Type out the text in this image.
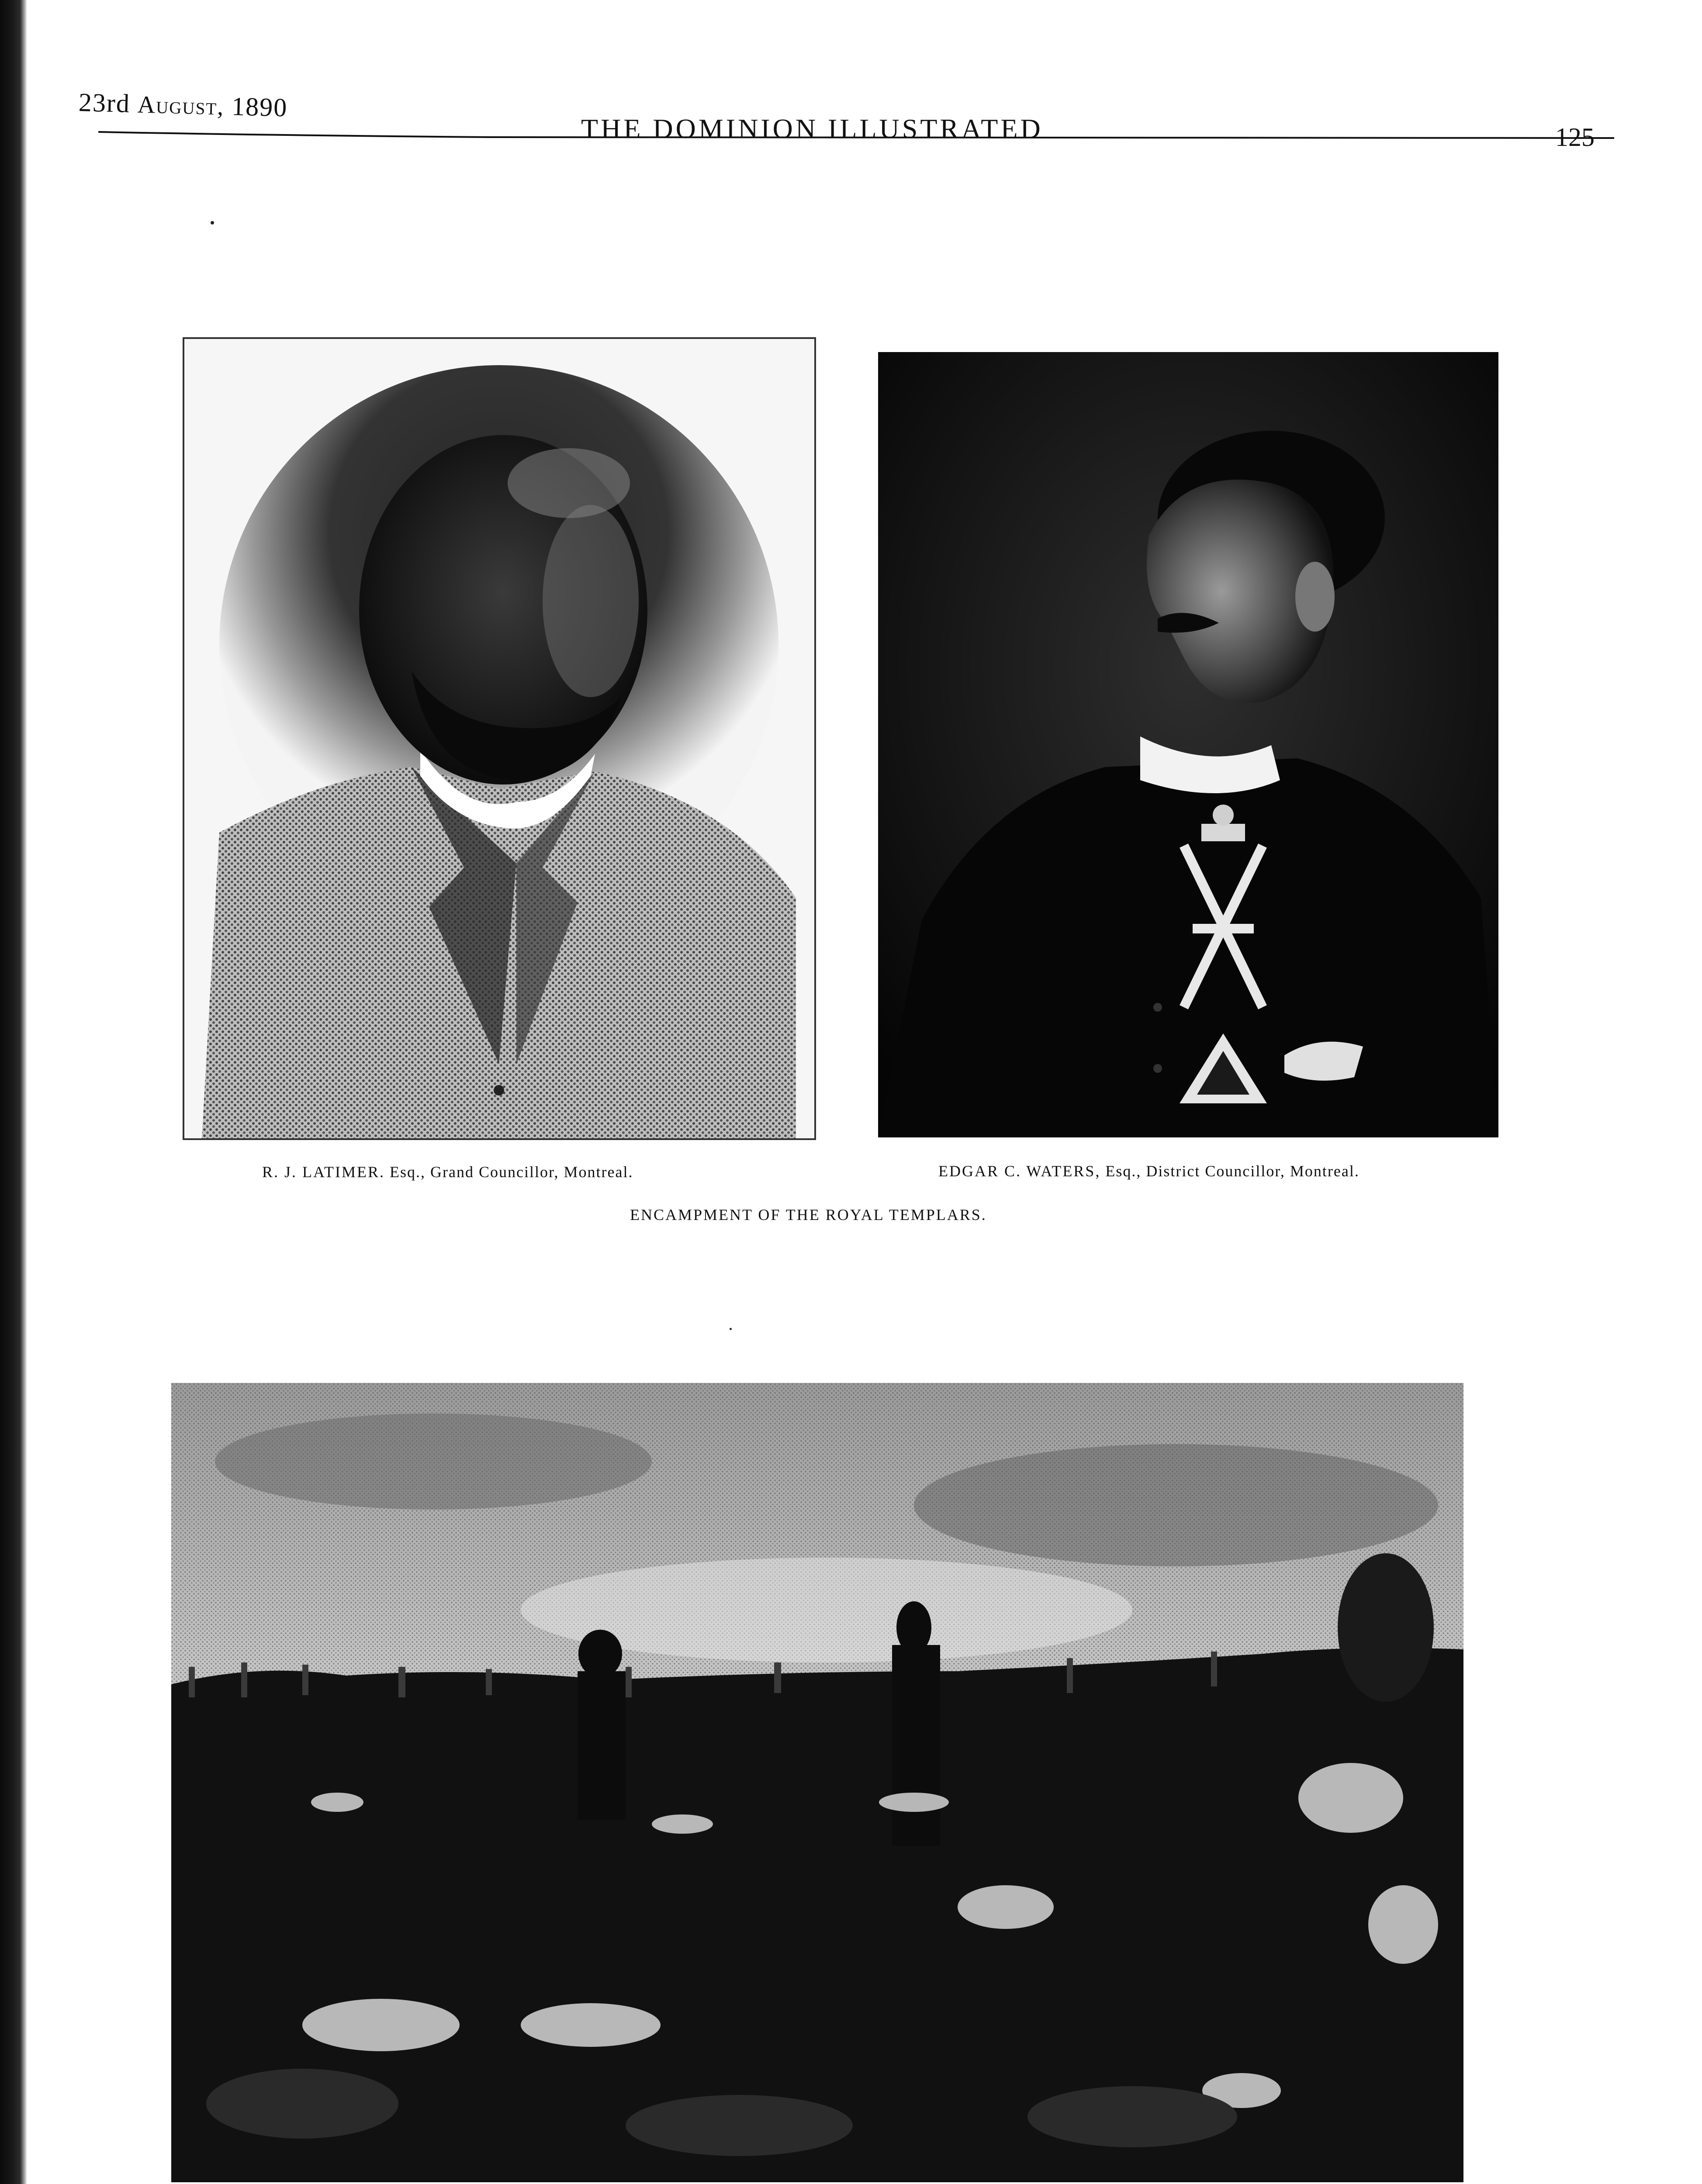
23rd August, 1890
THE DOMINION ILLUSTRATED	125
R. J. LATIMER. Esq., Grand Councillor, Montreal.	EDGAR C. WATERS, Esq., District Councillor, Montreal.
ENCAMPMENT OF THE ROYAL TEMPLARS.
